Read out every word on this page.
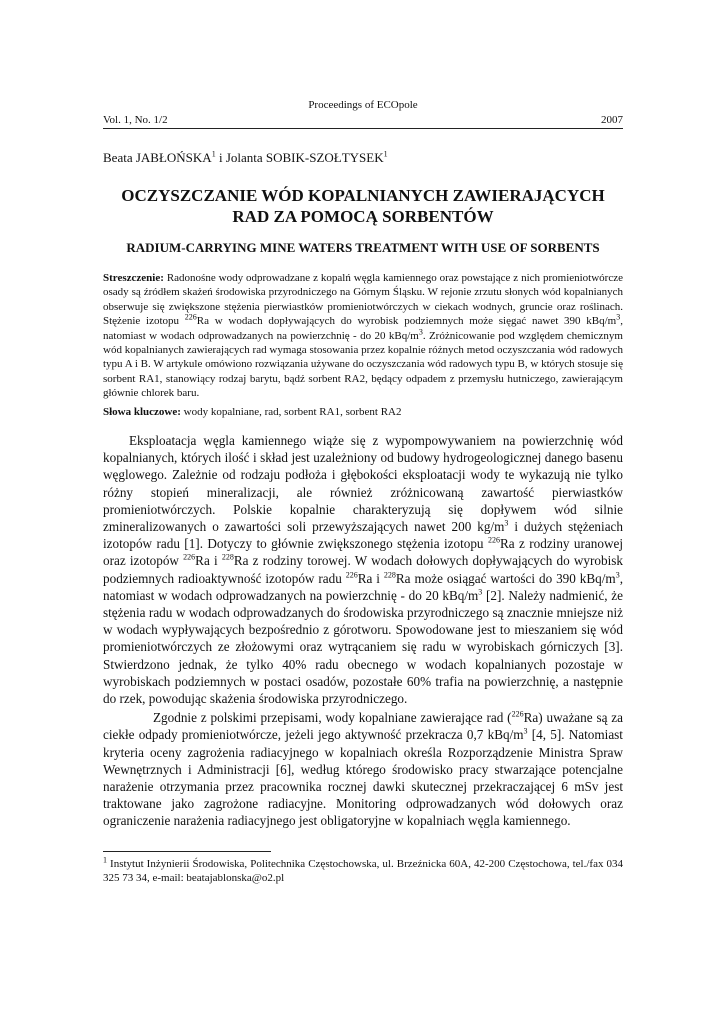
Proceedings of ECOpole
Vol. 1, No. 1/2	2007
Beata JABŁOŃSKA$^1$ i Jolanta SOBIK-SZOŁTYSEK$^1$
OCZYSZCZANIE WÓD KOPALNIANYCH ZAWIERAJĄCYCH
RAD ZA POMOCĄ SORBENTÓW
RADIUM-CARRYING MINE WATERS TREATMENT WITH USE OF SORBENTS
Streszczenie: Radonośne wody odprowadzane z kopalń węgla kamiennego oraz powstające z nich promieniotwórcze osady są źródłem skażeń środowiska przyrodniczego na Górnym Śląsku. W rejonie zrzutu słonych wód kopalnianych obserwuje się zwiększone stężenia pierwiastków promieniotwórczych w ciekach wodnych, gruncie oraz roślinach. Stężenie izotopu $^{226}$Ra w wodach dopływających do wyrobisk podziemnych może sięgać nawet 390 kBq/$m^3$, natomiast w wodach odprowadzanych na powierzchnię - do 20 kBq/$m^3$. Zróżnicowanie pod względem chemicznym wód kopalnianych zawierających rad wymaga stosowania przez kopalnie różnych metod oczyszczania wód radowych typu A i B. W artykule omówiono rozwiązania używane do oczyszczania wód radowych typu B, w których stosuje się sorbent RA1, stanowiący rodzaj barytu, bądź sorbent RA2, będący odpadem z przemysłu hutniczego, zawierającym głównie chlorek baru.
Słowa kluczowe: wody kopalniane, rad, sorbent RA1, sorbent RA2

Eksploatacja węgla kamiennego wiąże się z wypompowywaniem na powierzchnię wód kopalnianych, których ilość i skład jest uzależniony od budowy hydrogeologicznej danego basenu węglowego. Zależnie od rodzaju podłoża i głębokości eksploatacji wody te wykazują nie tylko różny stopień mineralizacji, ale również zróżnicowaną zawartość pierwiastków promieniotwórczych. Polskie kopalnie charakteryzują się dopływem wód silnie zmineralizowanych o zawartości soli przewyższających nawet 200 $kg/m^3$ i dużych stężeniach izotopów radu [1]. Dotyczy to głównie zwiększonego stężenia izotopu $^{226}$Ra z rodziny uranowej oraz izotopów $^{226}$Ra i $^{228}$Ra z rodziny torowej. W wodach dołowych dopływających do wyrobisk podziemnych radioaktywność izotopów radu $^{226}$Ra i $^{228}$Ra może osiągać wartości do 390 kBq/$m^3$, natomiast w wodach odprowadzanych na powierzchnię - do 20 kBq/$m^3$ [2]. Należy nadmienić, że stężenia radu w wodach odprowadzanych do środowiska przyrodniczego są znacznie mniejsze niż w wodach wypływających bezpośrednio z górotworu. Spowodowane jest to mieszaniem się wód promieniotwórczych ze złożowymi oraz wytrącaniem się radu w wyrobiskach górniczych [3]. Stwierdzono jednak, że tylko 40% radu obecnego w wodach kopalnianych pozostaje w wyrobiskach podziemnych w postaci osadów, pozostałe 60% trafia na powierzchnię, a następnie do rzek, powodując skażenia środowiska przyrodniczego.

Zgodnie z polskimi przepisami, wody kopalniane zawierające rad ($^{226}$Ra) uważane są za ciekłe odpady promieniotwórcze, jeżeli jego aktywność przekracza 0,7 kBq/$m^3$ [4, 5]. Natomiast kryteria oceny zagrożenia radiacyjnego w kopalniach określa Rozporządzenie Ministra Spraw Wewnętrznych i Administracji [6], według którego środowisko pracy stwarzające potencjalne narażenie otrzymania przez pracownika rocznej dawki skutecznej przekraczającej 6 mSv jest traktowane jako zagrożone radiacyjne. Monitoring odprowadzanych wód dołowych oraz ograniczenie narażenia radiacyjnego jest obligatoryjne w kopalniach węgla kamiennego.

$^1$ Instytut Inżynierii Środowiska, Politechnika Częstochowska, ul. Brzeźnicka 60A, 42-200 Częstochowa, tel./fax 034 325 73 34, e-mail: beatajablonska@o2.pl
